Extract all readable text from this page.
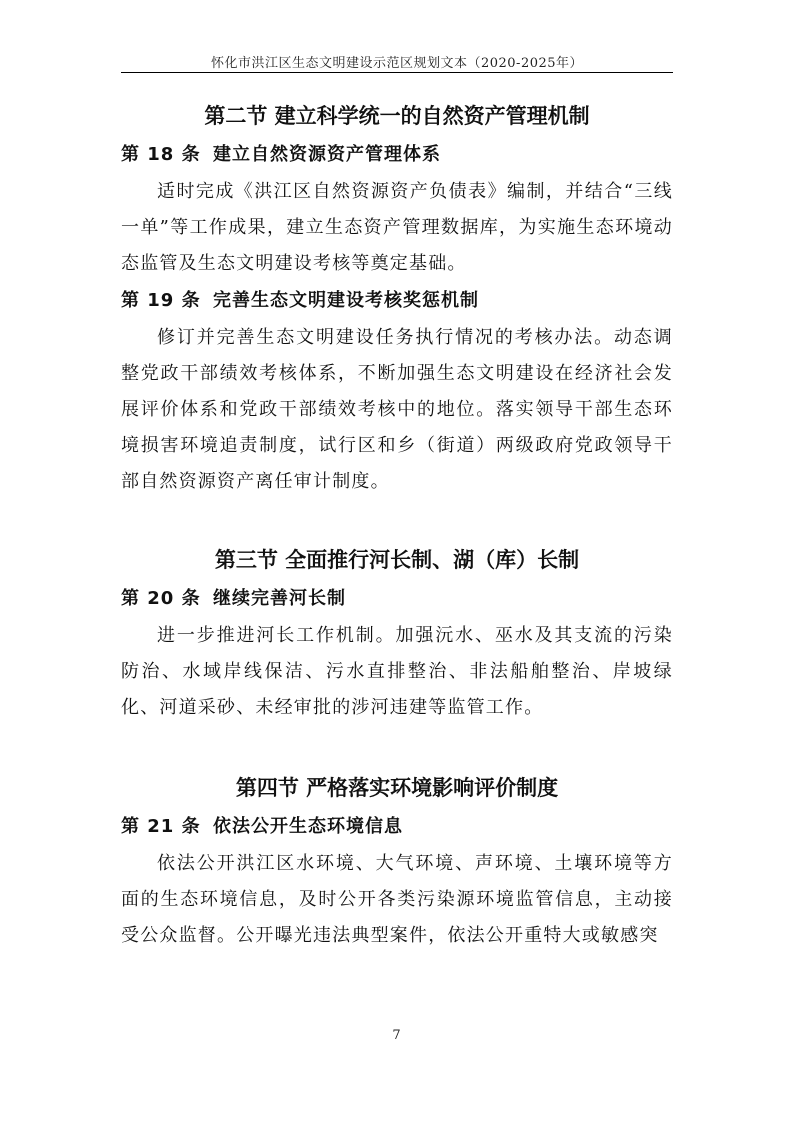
怀化市洪江区生态文明建设示范区规划文本（2020-2025年）
第二节 建立科学统一的自然资产管理机制
第 18 条 建立自然资源资产管理体系

适时完成《洪江区自然资源资产负债表》编制，并结合“三线一单”等工作成果，建立生态资产管理数据库，为实施生态环境动态监管及生态文明建设考核等奠定基础。

第 19 条 完善生态文明建设考核奖惩机制

修订并完善生态文明建设任务执行情况的考核办法。动态调整党政干部绩效考核体系，不断加强生态文明建设在经济社会发展评价体系和党政干部绩效考核中的地位。落实领导干部生态环境损害环境追责制度，试行区和乡（街道）两级政府党政领导干部自然资源资产离任审计制度。

第三节 全面推行河长制、湖（库）长制
第 20 条 继续完善河长制

进一步推进河长工作机制。加强沅水、巫水及其支流的污染防治、水域岸线保洁、污水直排整治、非法船舶整治、岸坡绿化、河道采砂、未经审批的涉河违建等监管工作。

第四节 严格落实环境影响评价制度
第 21 条 依法公开生态环境信息

依法公开洪江区水环境、大气环境、声环境、土壤环境等方面的生态环境信息，及时公开各类污染源环境监管信息，主动接受公众监督。公开曝光违法典型案件，依法公开重特大或敏感突

7
